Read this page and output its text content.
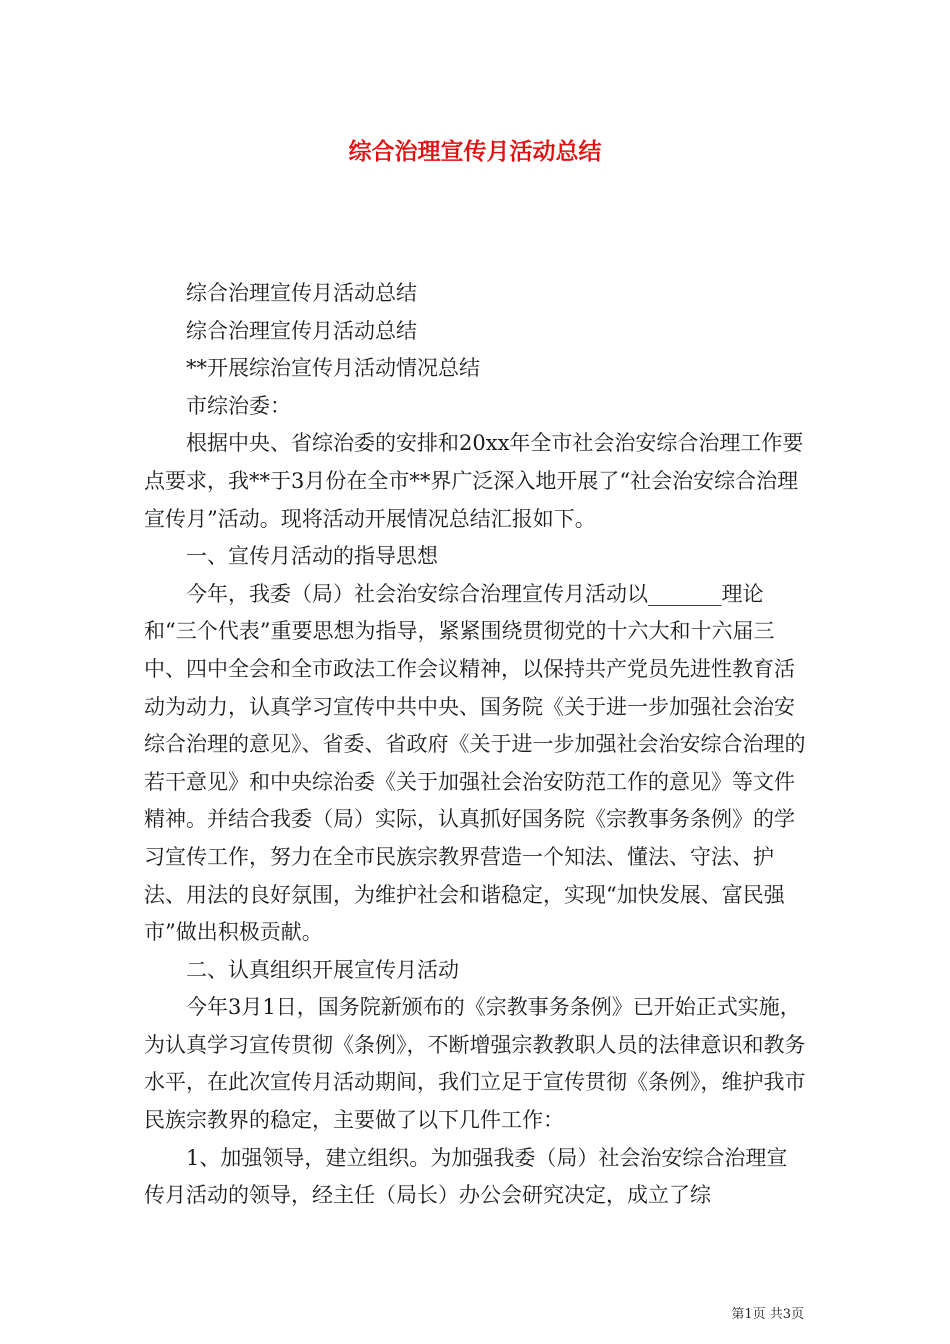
综合治理宣传月活动总结

综合治理宣传月活动总结

综合治理宣传月活动总结

**开展综治宣传月活动情况总结

市综治委：

根据中央、省综治委的安排和20xx年全市社会治安综合治理工作要点要求，我**于3月份在全市**界广泛深入地开展了“社会治安综合治理宣传月”活动。现将活动开展情况总结汇报如下。

一、宣传月活动的指导思想

今年，我委（局）社会治安综合治理宣传月活动以_______理论和“三个代表”重要思想为指导，紧紧围绕贯彻党的十六大和十六届三中、四中全会和全市政法工作会议精神，以保持共产党员先进性教育活动为动力，认真学习宣传中共中央、国务院《关于进一步加强社会治安综合治理的意见》、省委、省政府《关于进一步加强社会治安综合治理的若干意见》和中央综治委《关于加强社会治安防范工作的意见》等文件精神。并结合我委（局）实际，认真抓好国务院《宗教事务条例》的学习宣传工作，努力在全市民族宗教界营造一个知法、懂法、守法、护法、用法的良好氛围，为维护社会和谐稳定，实现“加快发展、富民强市”做出积极贡献。

二、认真组织开展宣传月活动

今年3月1日，国务院新颁布的《宗教事务条例》已开始正式实施，为认真学习宣传贯彻《条例》，不断增强宗教教职人员的法律意识和教务水平，在此次宣传月活动期间，我们立足于宣传贯彻《条例》，维护我市民族宗教界的稳定，主要做了以下几件工作：

1、加强领导，建立组织。为加强我委（局）社会治安综合治理宣传月活动的领导，经主任（局长）办公会研究决定，成立了综

第1页 共3页
